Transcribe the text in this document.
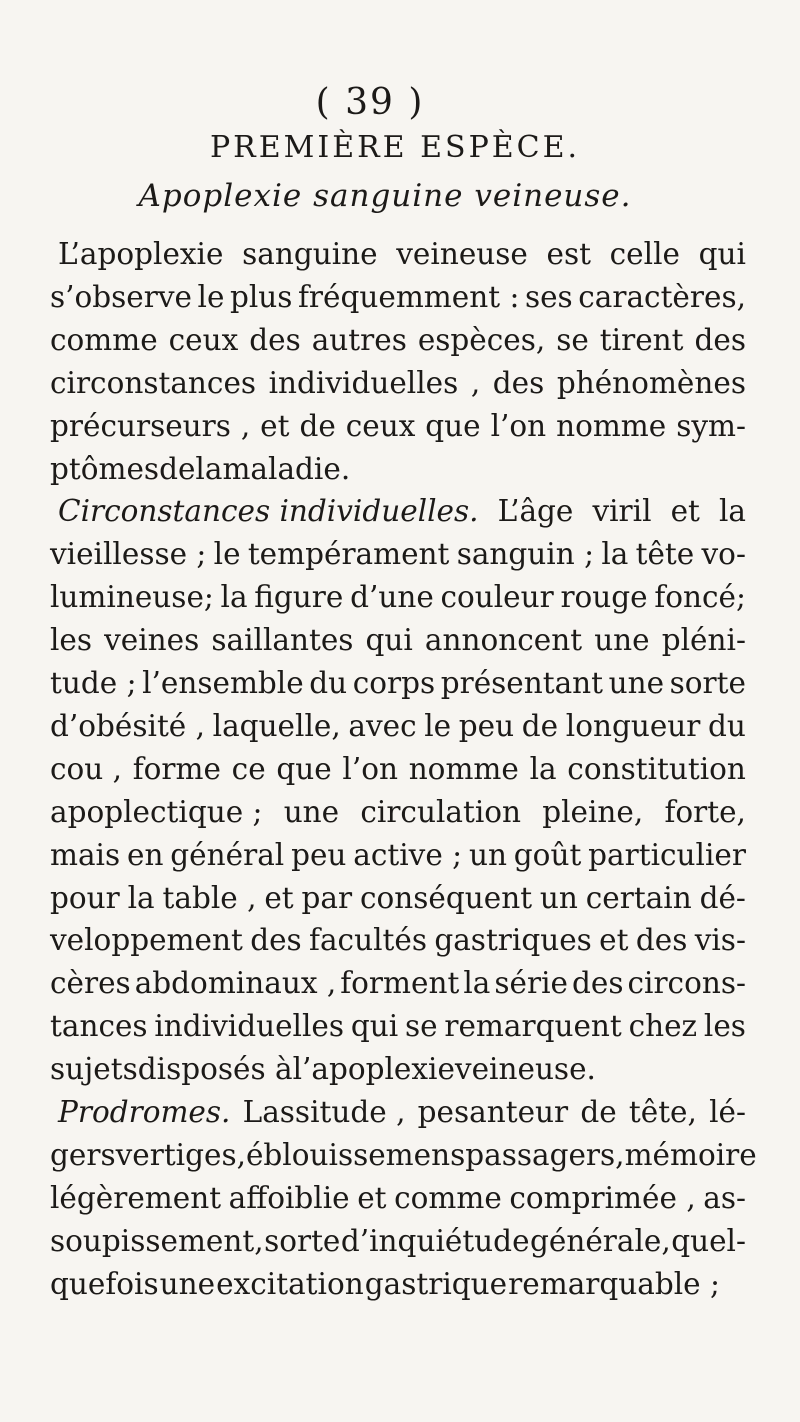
( 39 )
PREMIÈRE ESPÈCE.
Apoplexie sanguine veineuse.
L’apoplexie sanguine veineuse est celle qui
s’observe le plus fréquemment : ses caractères,
comme ceux des autres espèces, se tirent des
circonstances individuelles , des phénomènes
précurseurs , et de ceux que l’on nomme sym-
ptômes de la maladie.
Circonstances individuelles. L’âge viril et la
vieillesse ; le tempérament sanguin ; la tête vo-
lumineuse; la figure d’une couleur rouge foncé;
les veines saillantes qui annoncent une pléni-
tude ; l’ensemble du corps présentant une sorte
d’obésité , laquelle, avec le peu de longueur du
cou , forme ce que l’on nomme la constitution
apoplectique ; une circulation pleine, forte,
mais en général peu active ; un goût particulier
pour la table , et par conséquent un certain dé-
veloppement des facultés gastriques et des vis-
cères abdominaux , forment la série des circons-
tances individuelles qui se remarquent chez les
sujets disposés à l’apoplexie veineuse.
Prodromes. Lassitude , pesanteur de tête, lé-
gers vertiges, éblouissemens passagers, mémoire
légèrement affoiblie et comme comprimée , as-
soupissement, sorte d’inquiétude générale, quel-
quefois une excitation gastrique remarquable ;
